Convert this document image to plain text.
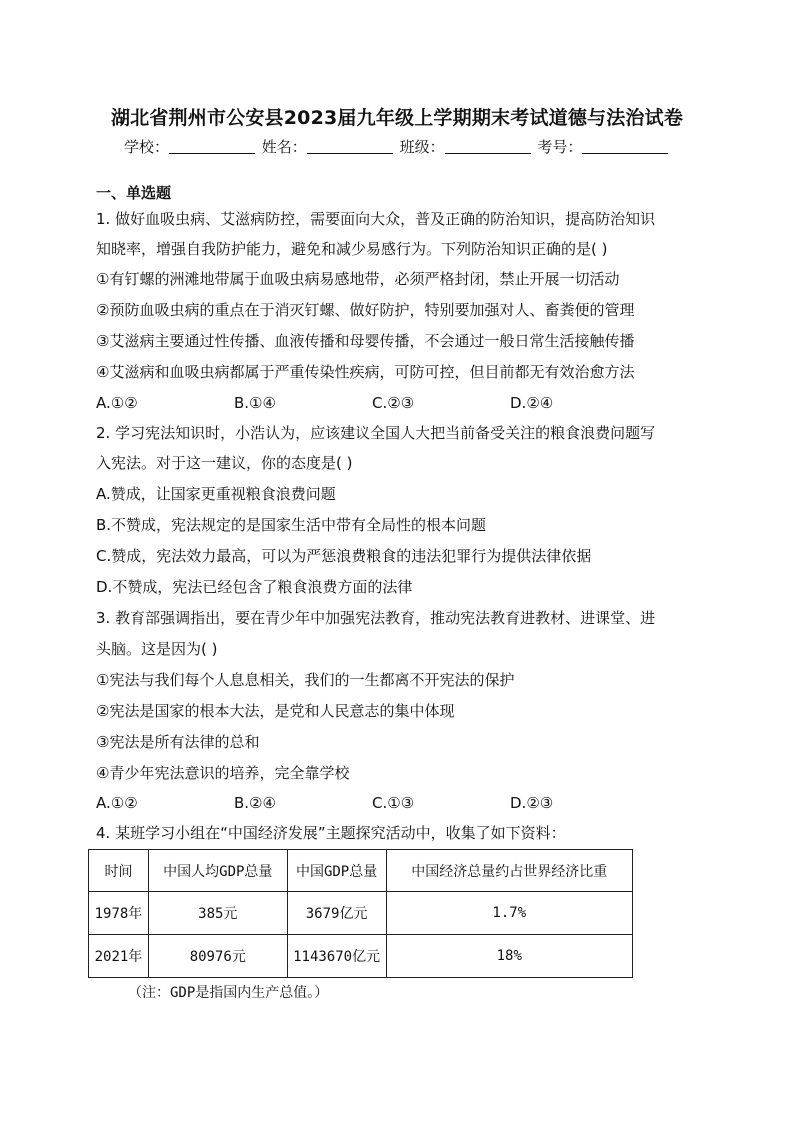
湖北省荆州市公安县2023届九年级上学期期末考试道德与法治试卷
学校：	姓名：	班级：	考号：
一、单选题
1. 做好血吸虫病、艾滋病防控，需要面向大众，普及正确的防治知识，提高防治知识
知晓率，增强自我防护能力，避免和减少易感行为。下列防治知识正确的是( )
①有钉螺的洲滩地带属于血吸虫病易感地带，必须严格封闭，禁止开展一切活动
②预防血吸虫病的重点在于消灭钉螺、做好防护，特别要加强对人、畜粪便的管理
③艾滋病主要通过性传播、血液传播和母婴传播，不会通过一般日常生活接触传播
④艾滋病和血吸虫病都属于严重传染性疾病，可防可控，但目前都无有效治愈方法
A.①②	B.①④	C.②③	D.②④
2. 学习宪法知识时，小浩认为，应该建议全国人大把当前备受关注的粮食浪费问题写
入宪法。对于这一建议，你的态度是( )
A.赞成，让国家更重视粮食浪费问题
B.不赞成，宪法规定的是国家生活中带有全局性的根本问题
C.赞成，宪法效力最高，可以为严惩浪费粮食的违法犯罪行为提供法律依据
D.不赞成，宪法已经包含了粮食浪费方面的法律
3. 教育部强调指出，要在青少年中加强宪法教育，推动宪法教育进教材、进课堂、进
头脑。这是因为( )
①宪法与我们每个人息息相关，我们的一生都离不开宪法的保护
②宪法是国家的根本大法，是党和人民意志的集中体现
③宪法是所有法律的总和
④青少年宪法意识的培养，完全靠学校
A.①②	B.②④	C.①③	D.②③
4. 某班学习小组在“中国经济发展”主题探究活动中，收集了如下资料：
时间	中国人均GDP总量	中国GDP总量	中国经济总量约占世界经济比重
1978年	385元	3679亿元	1.7%
2021年	80976元	1143670亿元	18%
（注：GDP是指国内生产总值。）
